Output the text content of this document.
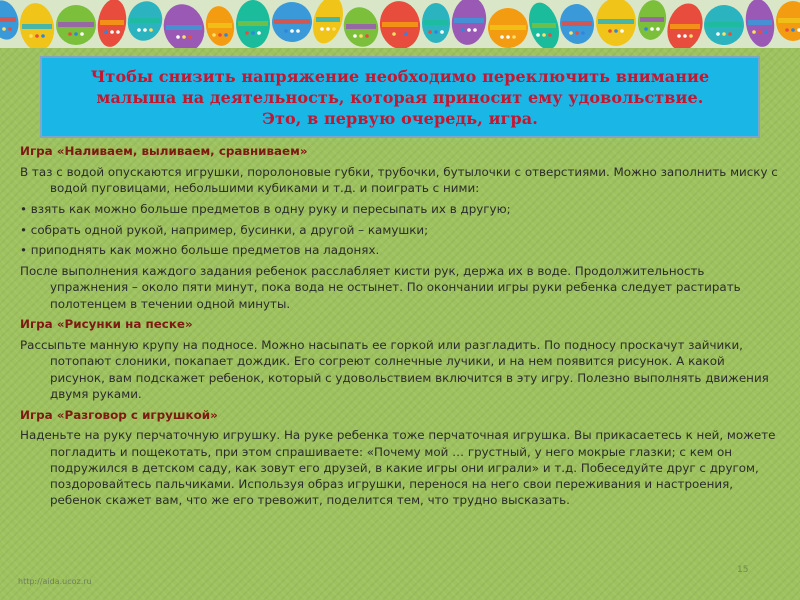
Чтобы снизить напряжение необходимо переключить внимание
малыша на деятельность, которая приносит ему удовольствие.
Это, в первую очередь, игра.
Игра «Наливаем, выливаем, сравниваем»
В таз с водой опускаются игрушки, поролоновые губки, трубочки, бутылочки с отверстиями. Можно заполнить миску с водой пуговицами, небольшими кубиками и т.д. и поиграть с ними:
• взять как можно больше предметов в одну руку и пересыпать их в другую;
• собрать одной рукой, например, бусинки, а другой – камушки;
• приподнять как можно больше предметов на ладонях.
После выполнения каждого задания ребенок расслабляет кисти рук, держа их в воде. Продолжительность упражнения – около пяти минут, пока вода не остынет. По окончании игры руки ребенка следует растирать полотенцем в течении одной минуты.
Игра «Рисунки на песке»
Рассыпьте манную крупу на подносе. Можно насыпать ее горкой или разгладить. По подносу проскачут зайчики, потопают слоники, покапает дождик. Его согреют солнечные лучики, и на нем появится рисунок. А какой рисунок, вам подскажет ребенок, который с удовольствием включится в эту игру. Полезно выполнять движения двумя руками.
Игра «Разговор с игрушкой»
Наденьте на руку перчаточную игрушку. На руке ребенка тоже перчаточная игрушка. Вы прикасаетесь к ней, можете погладить и пощекотать, при этом спрашиваете: «Почему мой … грустный, у него мокрые глазки; с кем он подружился в детском саду, как зовут его друзей, в какие игры они играли» и т.д. Побеседуйте друг с другом, поздоровайтесь пальчиками. Используя образ игрушки, перенося на него свои переживания и настроения, ребенок скажет вам, что же его тревожит, поделится тем, что трудно высказать.
http://aida.ucoz.ru
15
